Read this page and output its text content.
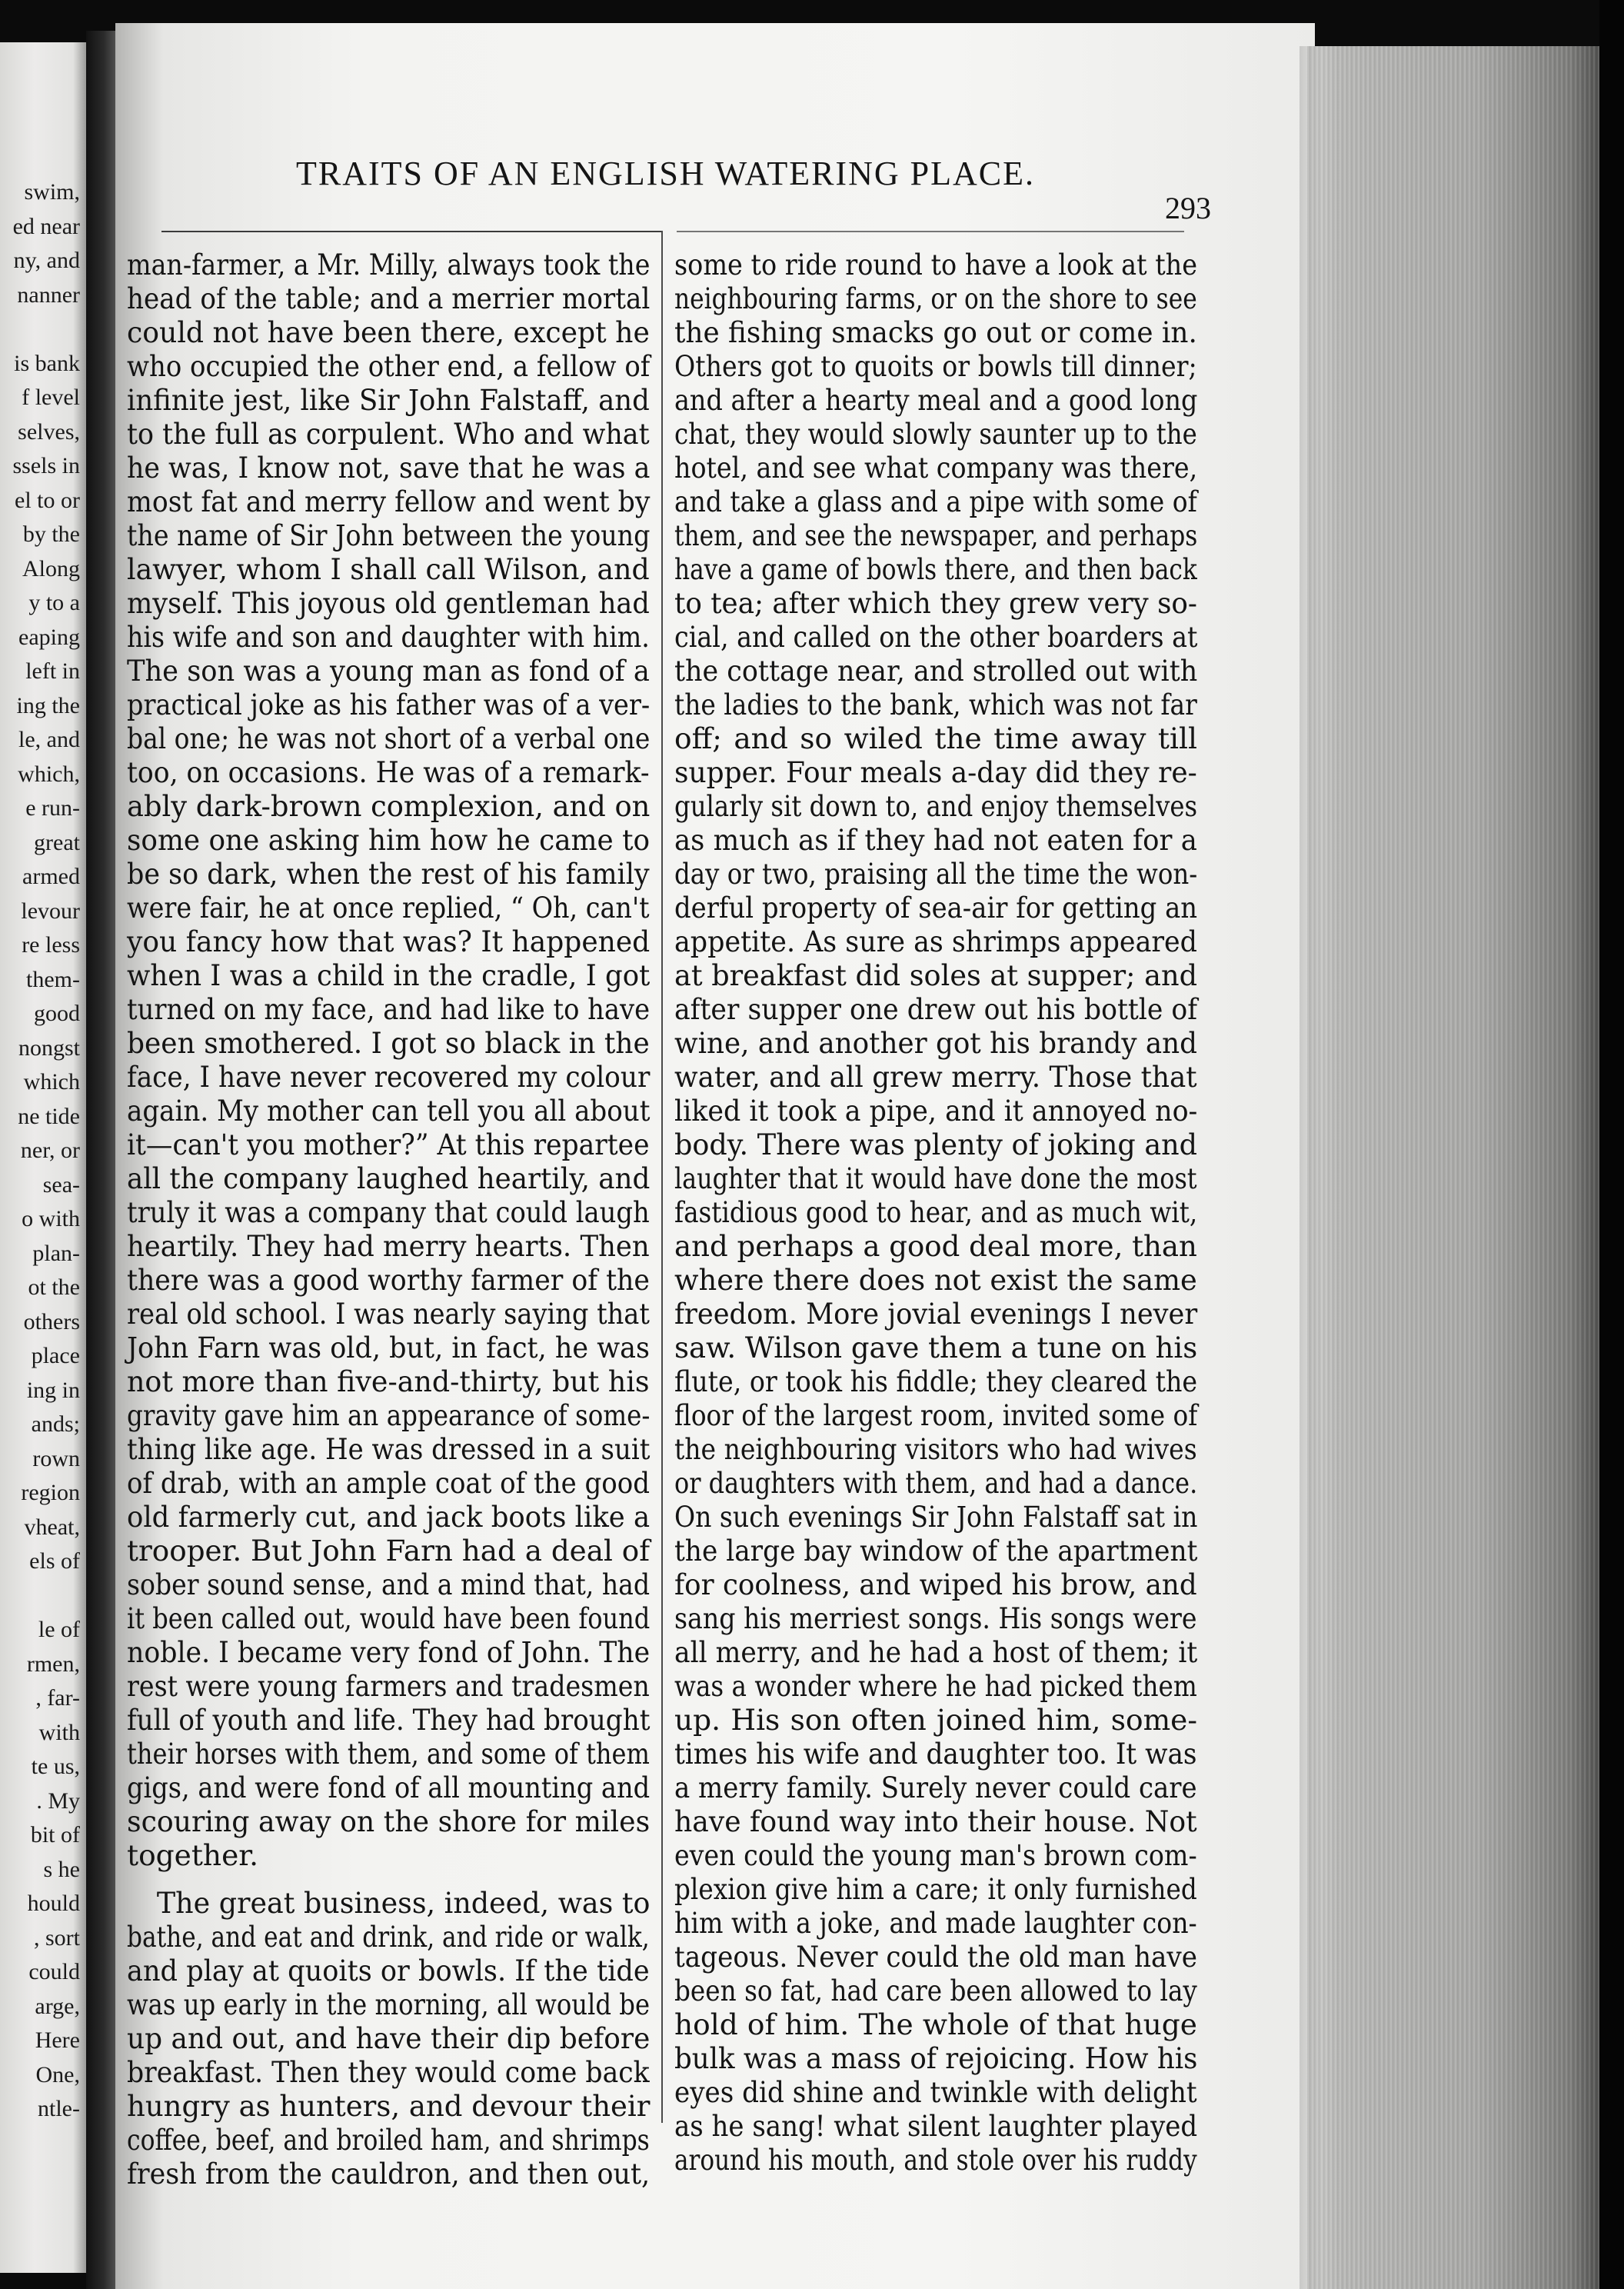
swim,
ed near
ny, and
nanner
is bank
f level
selves,
ssels in
el to or
by the
Along
y to a
eaping
left in
ing the
le, and
which,
e run-
great
armed
levour
re less
them-
good
nongst
which
ne tide
ner, or
sea-
o with
plan-
ot the
others
place
ing in
ands;
rown
region
vheat,
els of
le of
rmen,
, far-
with
te us,
. My
bit of
s he
hould
, sort
could
arge,
Here
One,
ntle-
TRAITS OF AN ENGLISH WATERING PLACE.
293
man-farmer, a Mr. Milly, always took the
head of the table; and a merrier mortal
could not have been there, except he
who occupied the other end, a fellow of
infinite jest, like Sir John Falstaff, and
to the full as corpulent. Who and what
he was, I know not, save that he was a
most fat and merry fellow and went by
the name of Sir John between the young
lawyer, whom I shall call Wilson, and
myself. This joyous old gentleman had
his wife and son and daughter with him.
The son was a young man as fond of a
practical joke as his father was of a ver-
bal one; he was not short of a verbal one
too, on occasions. He was of a remark-
ably dark-brown complexion, and on
some one asking him how he came to
be so dark, when the rest of his family
were fair, he at once replied, “ Oh, can't
you fancy how that was? It happened
when I was a child in the cradle, I got
turned on my face, and had like to have
been smothered. I got so black in the
face, I have never recovered my colour
again. My mother can tell you all about
it—can't you mother?” At this repartee
all the company laughed heartily, and
truly it was a company that could laugh
heartily. They had merry hearts. Then
there was a good worthy farmer of the
real old school. I was nearly saying that
John Farn was old, but, in fact, he was
not more than five-and-thirty, but his
gravity gave him an appearance of some-
thing like age. He was dressed in a suit
of drab, with an ample coat of the good
old farmerly cut, and jack boots like a
trooper. But John Farn had a deal of
sober sound sense, and a mind that, had
it been called out, would have been found
noble. I became very fond of John. The
rest were young farmers and tradesmen
full of youth and life. They had brought
their horses with them, and some of them
gigs, and were fond of all mounting and
scouring away on the shore for miles
together.
The great business, indeed, was to
bathe, and eat and drink, and ride or walk,
and play at quoits or bowls. If the tide
was up early in the morning, all would be
up and out, and have their dip before
breakfast. Then they would come back
hungry as hunters, and devour their
coffee, beef, and broiled ham, and shrimps
fresh from the cauldron, and then out,
some to ride round to have a look at the
neighbouring farms, or on the shore to see
the fishing smacks go out or come in.
Others got to quoits or bowls till dinner;
and after a hearty meal and a good long
chat, they would slowly saunter up to the
hotel, and see what company was there,
and take a glass and a pipe with some of
them, and see the newspaper, and perhaps
have a game of bowls there, and then back
to tea; after which they grew very so-
cial, and called on the other boarders at
the cottage near, and strolled out with
the ladies to the bank, which was not far
off; and so wiled the time away till
supper. Four meals a-day did they re-
gularly sit down to, and enjoy themselves
as much as if they had not eaten for a
day or two, praising all the time the won-
derful property of sea-air for getting an
appetite. As sure as shrimps appeared
at breakfast did soles at supper; and
after supper one drew out his bottle of
wine, and another got his brandy and
water, and all grew merry. Those that
liked it took a pipe, and it annoyed no-
body. There was plenty of joking and
laughter that it would have done the most
fastidious good to hear, and as much wit,
and perhaps a good deal more, than
where there does not exist the same
freedom. More jovial evenings I never
saw. Wilson gave them a tune on his
flute, or took his fiddle; they cleared the
floor of the largest room, invited some of
the neighbouring visitors who had wives
or daughters with them, and had a dance.
On such evenings Sir John Falstaff sat in
the large bay window of the apartment
for coolness, and wiped his brow, and
sang his merriest songs. His songs were
all merry, and he had a host of them; it
was a wonder where he had picked them
up. His son often joined him, some-
times his wife and daughter too. It was
a merry family. Surely never could care
have found way into their house. Not
even could the young man's brown com-
plexion give him a care; it only furnished
him with a joke, and made laughter con-
tageous. Never could the old man have
been so fat, had care been allowed to lay
hold of him. The whole of that huge
bulk was a mass of rejoicing. How his
eyes did shine and twinkle with delight
as he sang! what silent laughter played
around his mouth, and stole over his ruddy
